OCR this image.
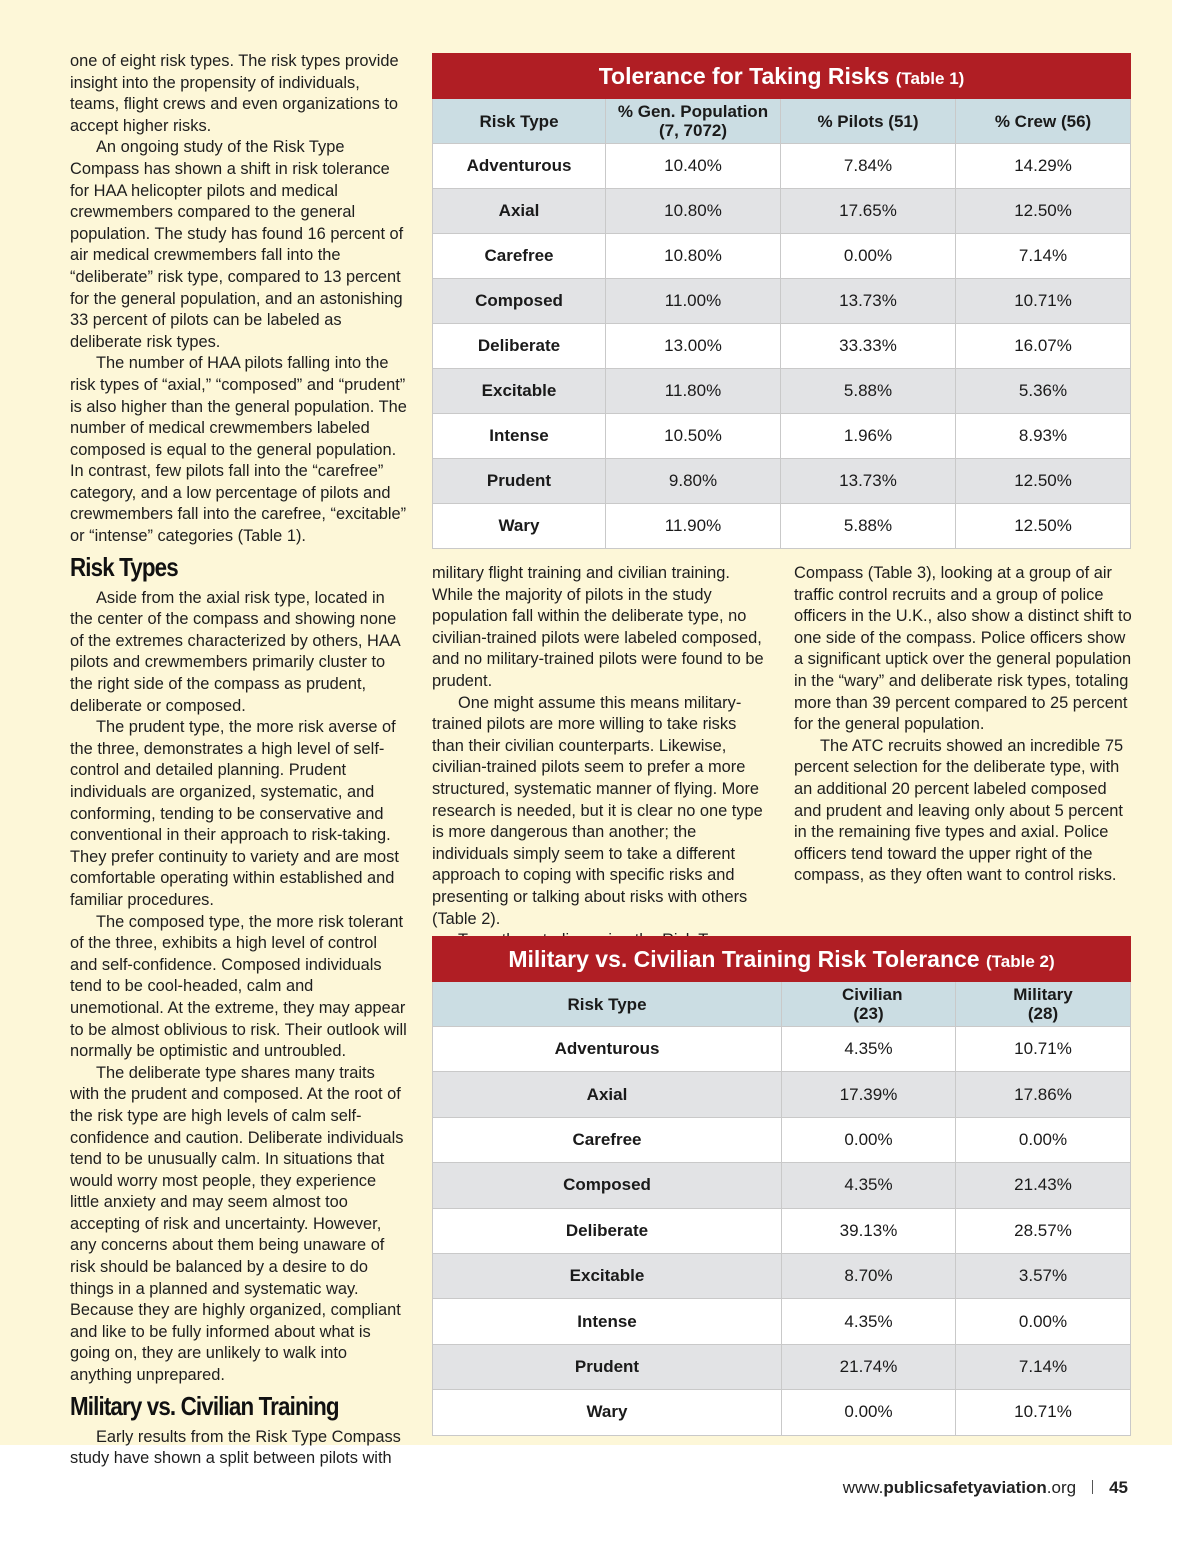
one of eight risk types. The risk types provide insight into the propensity of individuals, teams, flight crews and even organizations to accept higher risks.

An ongoing study of the Risk Type Compass has shown a shift in risk tolerance for HAA helicopter pilots and medical crewmembers compared to the general population. The study has found 16 percent of air medical crewmembers fall into the “deliberate” risk type, compared to 13 percent for the general population, and an astonishing 33 percent of pilots can be labeled as deliberate risk types.

The number of HAA pilots falling into the risk types of “axial,” “composed” and “prudent” is also higher than the general population. The number of medical crewmembers labeled composed is equal to the general population. In contrast, few pilots fall into the “carefree” category, and a low percentage of pilots and crewmembers fall into the carefree, “excitable” or “intense” categories (Table 1).

Risk Types

Aside from the axial risk type, located in the center of the compass and showing none of the extremes characterized by others, HAA pilots and crewmembers primarily cluster to the right side of the compass as prudent, deliberate or composed.

The prudent type, the more risk averse of the three, demonstrates a high level of self-control and detailed planning. Prudent individuals are organized, systematic, and conforming, tending to be conservative and conventional in their approach to risk-taking. They prefer continuity to variety and are most comfortable operating within established and familiar procedures.

The composed type, the more risk tolerant of the three, exhibits a high level of control and self-confidence. Composed individuals tend to be cool-headed, calm and unemotional. At the extreme, they may appear to be almost oblivious to risk. Their outlook will normally be optimistic and untroubled.

The deliberate type shares many traits with the prudent and composed. At the root of the risk type are high levels of calm self-confidence and caution. Deliberate individuals tend to be unusually calm. In situations that would worry most people, they experience little anxiety and may seem almost too accepting of risk and uncertainty. However, any concerns about them being unaware of risk should be balanced by a desire to do things in a planned and systematic way. Because they are highly organized, compliant and like to be fully informed about what is going on, they are unlikely to walk into anything unprepared.

Military vs. Civilian Training

Early results from the Risk Type Compass study have shown a split between pilots with

Tolerance for Taking Risks (Table 1)			
Risk Type	% Gen. Population (7, 7072)	% Pilots (51)	% Crew (56)
Adventurous	10.40%	7.84%	14.29%
Axial	10.80%	17.65%	12.50%
Carefree	10.80%	0.00%	7.14%
Composed	11.00%	13.73%	10.71%
Deliberate	13.00%	33.33%	16.07%
Excitable	11.80%	5.88%	5.36%
Intense	10.50%	1.96%	8.93%
Prudent	9.80%	13.73%	12.50%
Wary	11.90%	5.88%	12.50%

military flight training and civilian training. While the majority of pilots in the study population fall within the deliberate type, no civilian-trained pilots were labeled composed, and no military-trained pilots were found to be prudent.

One might assume this means military-trained pilots are more willing to take risks than their civilian counterparts. Likewise, civilian-trained pilots seem to prefer a more structured, systematic manner of flying. More research is needed, but it is clear no one type is more dangerous than another; the individuals simply seem to take a different approach to coping with specific risks and presenting or talking about risks with others (Table 2).

Compass (Table 3), looking at a group of air traffic control recruits and a group of police officers in the U.K., also show a distinct shift to one side of the compass. Police officers show a significant uptick over the general population in the “wary” and deliberate risk types, totaling more than 39 percent compared to 25 percent for the general population.

The ATC recruits showed an incredible 75 percent selection for the deliberate type, with an additional 20 percent labeled composed and prudent and leaving only about 5 percent in the remaining five types and axial. Police officers tend toward the upper right of the compass, as they often want to control risks.

Military vs. Civilian Training Risk Tolerance (Table 2)		
Risk Type	Civilian (23)	Military (28)
Adventurous	4.35%	10.71%
Axial	17.39%	17.86%
Carefree	0.00%	0.00%
Composed	4.35%	21.43%
Deliberate	39.13%	28.57%
Excitable	8.70%	3.57%
Intense	4.35%	0.00%
Prudent	21.74%	7.14%
Wary	0.00%	10.71%
www.publicsafetyaviation.org 45
